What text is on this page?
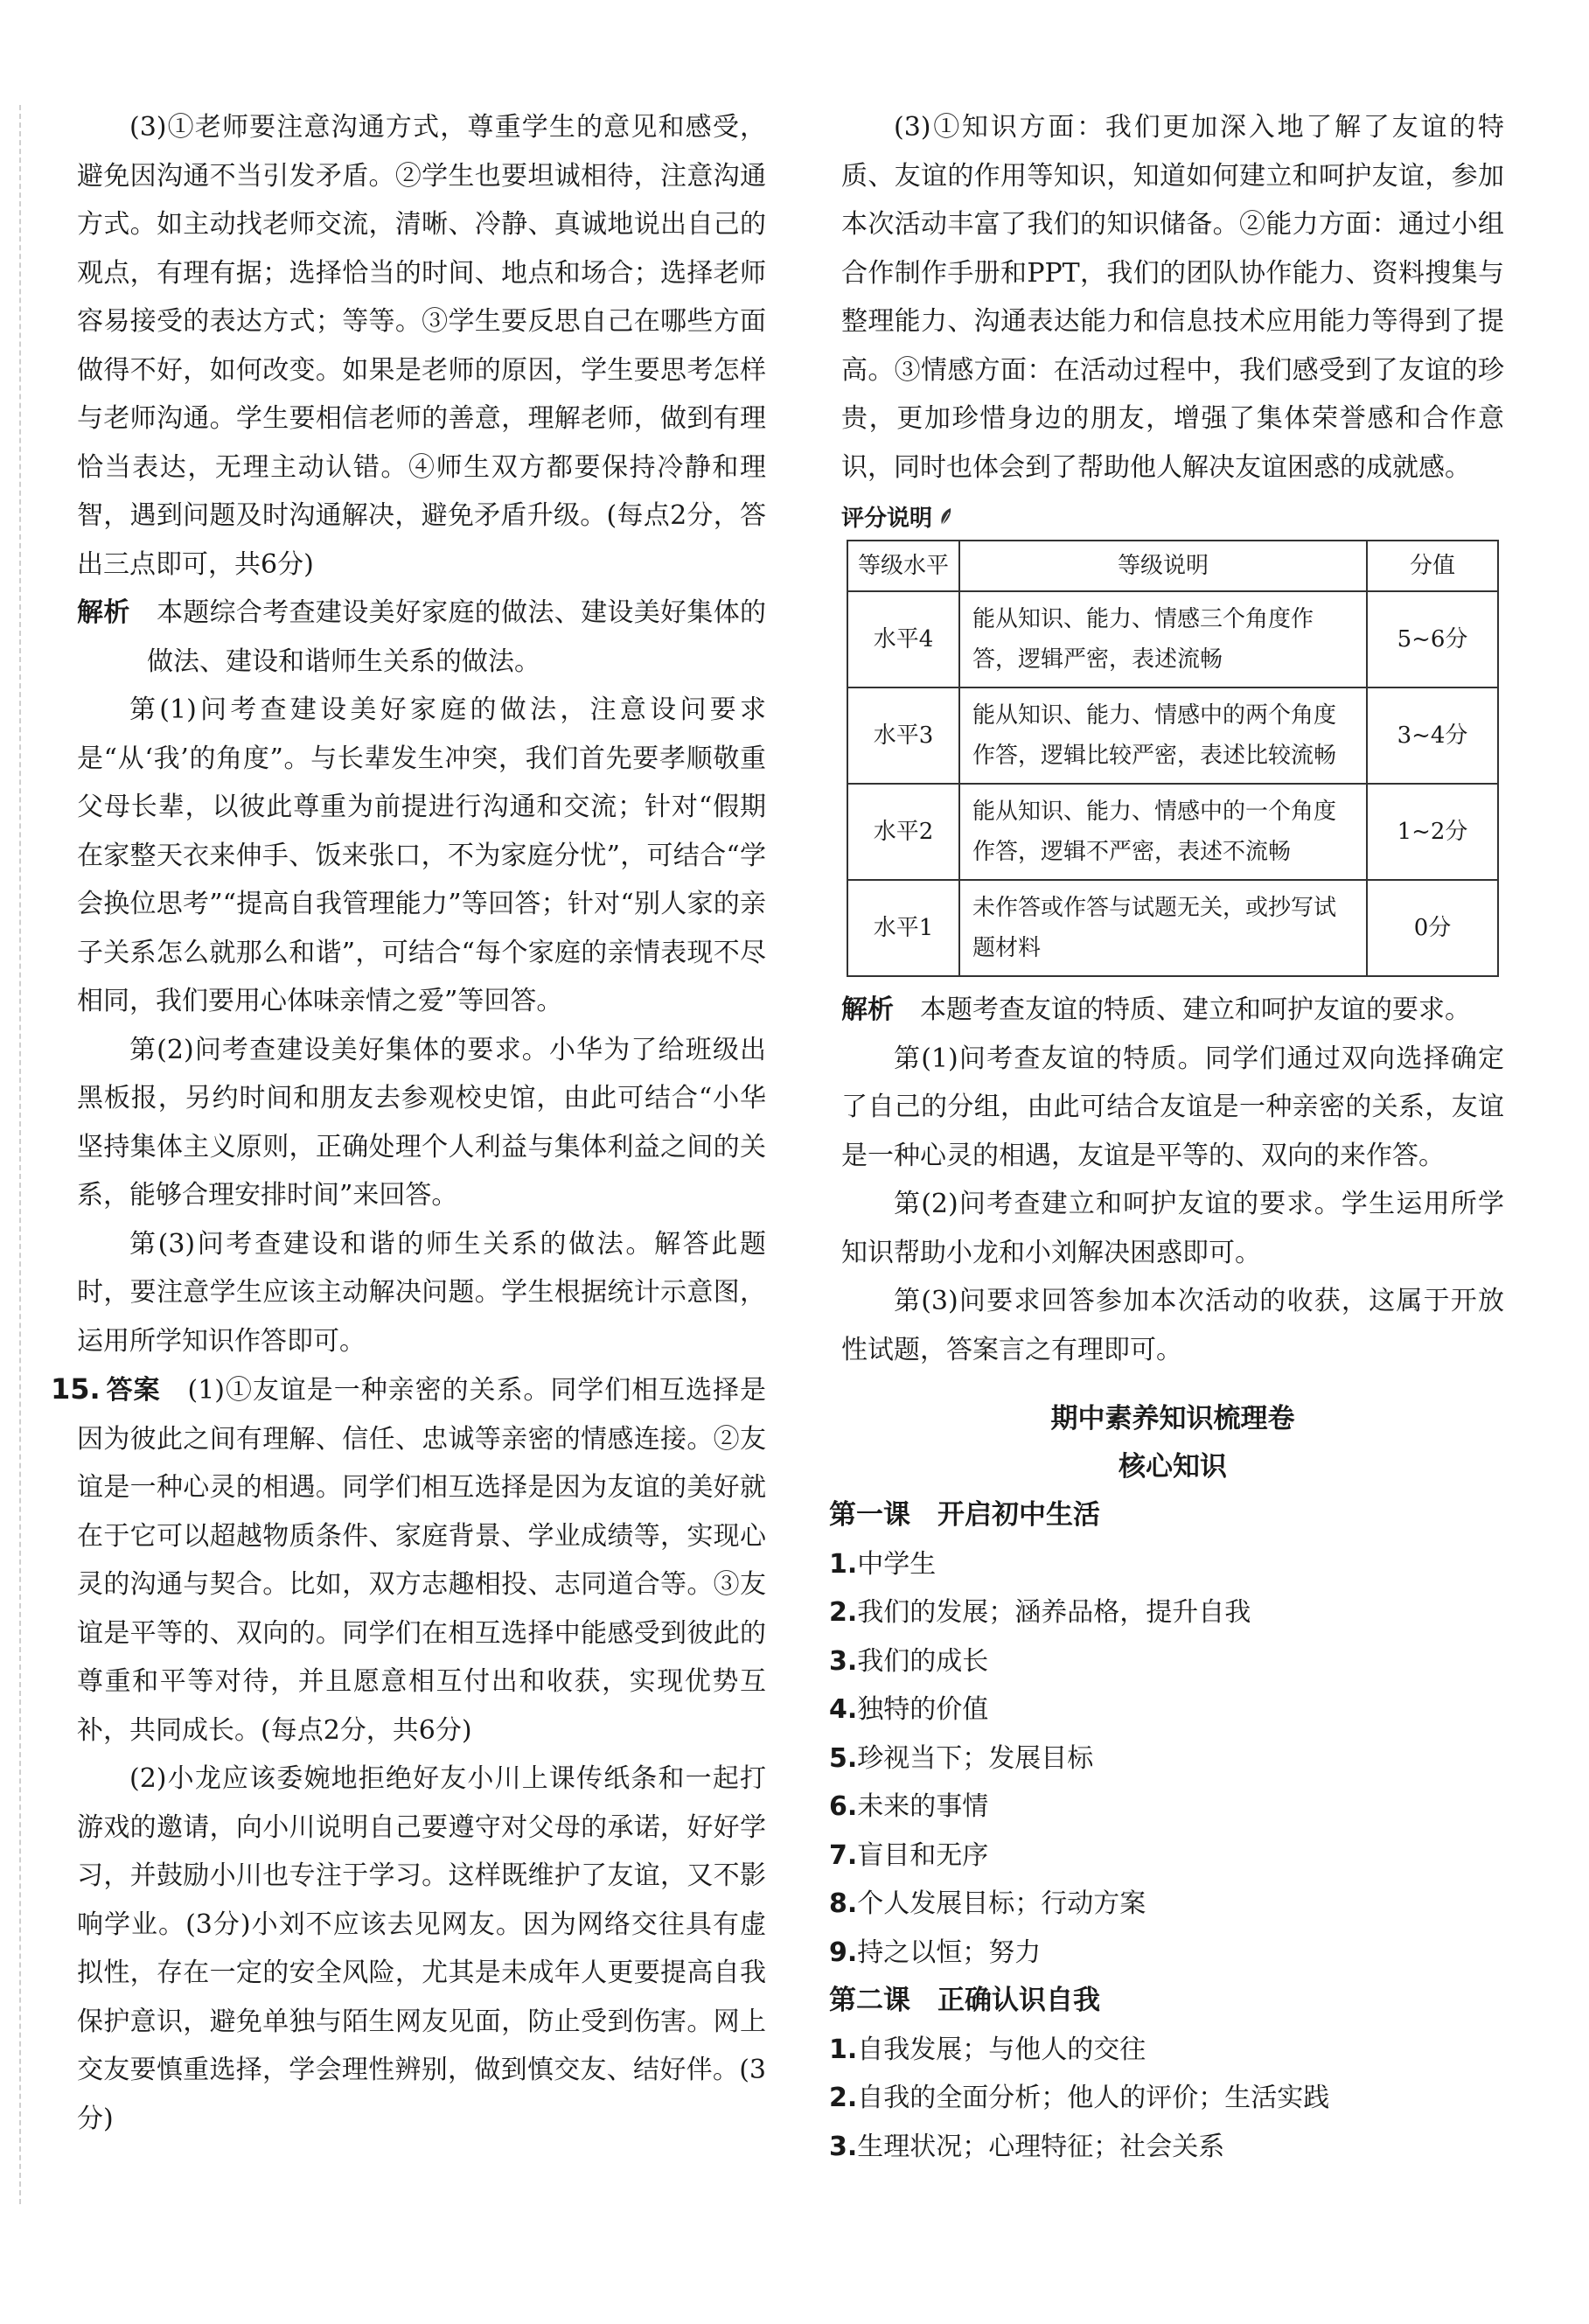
(3)①老师要注意沟通方式，尊重学生的意见和感受，避免因沟通不当引发矛盾。②学生也要坦诚相待，注意沟通方式。如主动找老师交流，清晰、冷静、真诚地说出自己的观点，有理有据；选择恰当的时间、地点和场合；选择老师容易接受的表达方式；等等。③学生要反思自己在哪些方面做得不好，如何改变。如果是老师的原因，学生要思考怎样与老师沟通。学生要相信老师的善意，理解老师，做到有理恰当表达，无理主动认错。④师生双方都要保持冷静和理智，遇到问题及时沟通解决，避免矛盾升级。(每点2分，答出三点即可，共6分)

解析　 本题综合考查建设美好家庭的做法、建设美好集体的做法、建设和谐师生关系的做法。

第(1)问考查建设美好家庭的做法，注意设问要求是“从‘我’的角度”。与长辈发生冲突，我们首先要孝顺敬重父母长辈，以彼此尊重为前提进行沟通和交流；针对“假期在家整天衣来伸手、饭来张口，不为家庭分忧”，可结合“学会换位思考”“提高自我管理能力”等回答；针对“别人家的亲子关系怎么就那么和谐”，可结合“每个家庭的亲情表现不尽相同，我们要用心体味亲情之爱”等回答。

第(2)问考查建设美好集体的要求。小华为了给班级出黑板报，另约时间和朋友去参观校史馆，由此可结合“小华坚持集体主义原则，正确处理个人利益与集体利益之间的关系，能够合理安排时间”来回答。

第(3)问考查建设和谐的师生关系的做法。解答此题时，要注意学生应该主动解决问题。学生根据统计示意图，运用所学知识作答即可。

15. 答案　 (1)①友谊是一种亲密的关系。同学们相互选择是因为彼此之间有理解、信任、忠诚等亲密的情感连接。②友谊是一种心灵的相遇。同学们相互选择是因为友谊的美好就在于它可以超越物质条件、家庭背景、学业成绩等，实现心灵的沟通与契合。比如，双方志趣相投、志同道合等。③友谊是平等的、双向的。同学们在相互选择中能感受到彼此的尊重和平等对待，并且愿意相互付出和收获，实现优势互补，共同成长。(每点2分，共6分)

(2)小龙应该委婉地拒绝好友小川上课传纸条和一起打游戏的邀请，向小川说明自己要遵守对父母的承诺，好好学习，并鼓励小川也专注于学习。这样既维护了友谊，又不影响学业。(3分)小刘不应该去见网友。因为网络交往具有虚拟性，存在一定的安全风险，尤其是未成年人更要提高自我保护意识，避免单独与陌生网友见面，防止受到伤害。网上交友要慎重选择，学会理性辨别，做到慎交友、结好伴。(3分)

(3)①知识方面：我们更加深入地了解了友谊的特质、友谊的作用等知识，知道如何建立和呵护友谊，参加本次活动丰富了我们的知识储备。②能力方面：通过小组合作制作手册和PPT，我们的团队协作能力、资料搜集与整理能力、沟通表达能力和信息技术应用能力等得到了提高。③情感方面：在活动过程中，我们感受到了友谊的珍贵，更加珍惜身边的朋友，增强了集体荣誉感和合作意识，同时也体会到了帮助他人解决友谊困惑的成就感。

评分说明
等级水平	等级说明	分值
水平4	能从知识、能力、情感三个角度作答，逻辑严密，表述流畅	5~6分
水平3	能从知识、能力、情感中的两个角度作答，逻辑比较严密，表述比较流畅	3~4分
水平2	能从知识、能力、情感中的一个角度作答，逻辑不严密，表述不流畅	1~2分
水平1	未作答或作答与试题无关，或抄写试题材料	0分

解析　 本题考查友谊的特质、建立和呵护友谊的要求。

第(1)问考查友谊的特质。同学们通过双向选择确定了自己的分组，由此可结合友谊是一种亲密的关系，友谊是一种心灵的相遇，友谊是平等的、双向的来作答。

第(2)问考查建立和呵护友谊的要求。学生运用所学知识帮助小龙和小刘解决困惑即可。

第(3)问要求回答参加本次活动的收获，这属于开放性试题，答案言之有理即可。

期中素养知识梳理卷

核心知识

第一课　开启初中生活

1.中学生

2.我们的发展；涵养品格，提升自我

3.我们的成长

4.独特的价值

5.珍视当下；发展目标

6.未来的事情

7.盲目和无序

8.个人发展目标；行动方案

9.持之以恒；努力

第二课　正确认识自我

1.自我发展；与他人的交往

2.自我的全面分析；他人的评价；生活实践

3.生理状况；心理特征；社会关系
